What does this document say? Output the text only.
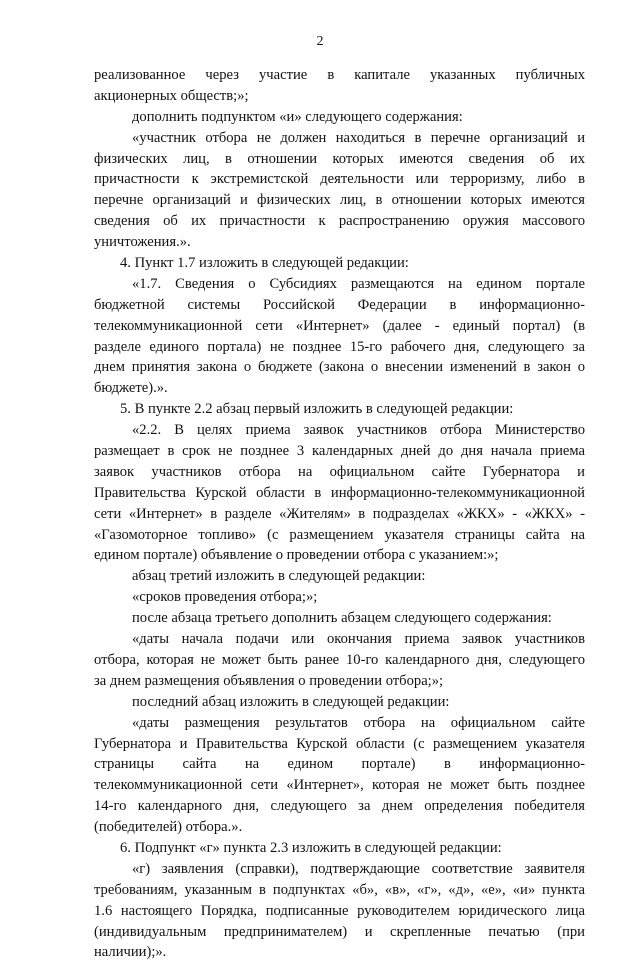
2
реализованное через участие в капитале указанных публичных
акционерных обществ;»;
дополнить подпунктом «и» следующего содержания:
«участник отбора не должен находиться в перечне организаций и
физических лиц, в отношении которых имеются сведения об их
причастности к экстремистской деятельности или терроризму, либо в
перечне организаций и физических лиц, в отношении которых имеются
сведения об их причастности к распространению оружия массового
уничтожения.».
4. Пункт 1.7 изложить в следующей редакции:
«1.7. Сведения о Субсидиях размещаются на едином портале
бюджетной системы Российской Федерации в информационно-
телекоммуникационной сети «Интернет» (далее - единый портал) (в
разделе единого портала) не позднее 15-го рабочего дня, следующего за
днем принятия закона о бюджете (закона о внесении изменений в закон о
бюджете).».
5. В пункте 2.2 абзац первый изложить в следующей редакции:
«2.2. В целях приема заявок участников отбора Министерство
размещает в срок не позднее 3 календарных дней до дня начала приема
заявок участников отбора на официальном сайте Губернатора и
Правительства Курской области в информационно-телекоммуникационной
сети «Интернет» в разделе «Жителям» в подразделах «ЖКХ» - «ЖКХ» -
«Газомоторное топливо» (с размещением указателя страницы сайта на
едином портале) объявление о проведении отбора с указанием:»;
абзац третий изложить в следующей редакции:
«сроков проведения отбора;»;
после абзаца третьего дополнить абзацем следующего содержания:
«даты начала подачи или окончания приема заявок участников
отбора, которая не может быть ранее 10-го календарного дня, следующего
за днем размещения объявления о проведении отбора;»;
последний абзац изложить в следующей редакции:
«даты размещения результатов отбора на официальном сайте
Губернатора и Правительства Курской области (с размещением указателя
страницы сайта на едином портале) в информационно-
телекоммуникационной сети «Интернет», которая не может быть позднее
14-го календарного дня, следующего за днем определения победителя
(победителей) отбора.».
6. Подпункт «г» пункта 2.3 изложить в следующей редакции:
«г) заявления (справки), подтверждающие соответствие заявителя
требованиям, указанным в подпунктах «б», «в», «г», «д», «е», «и» пункта
1.6 настоящего Порядка, подписанные руководителем юридического лица
(индивидуальным предпринимателем) и скрепленные печатью (при
наличии);».
